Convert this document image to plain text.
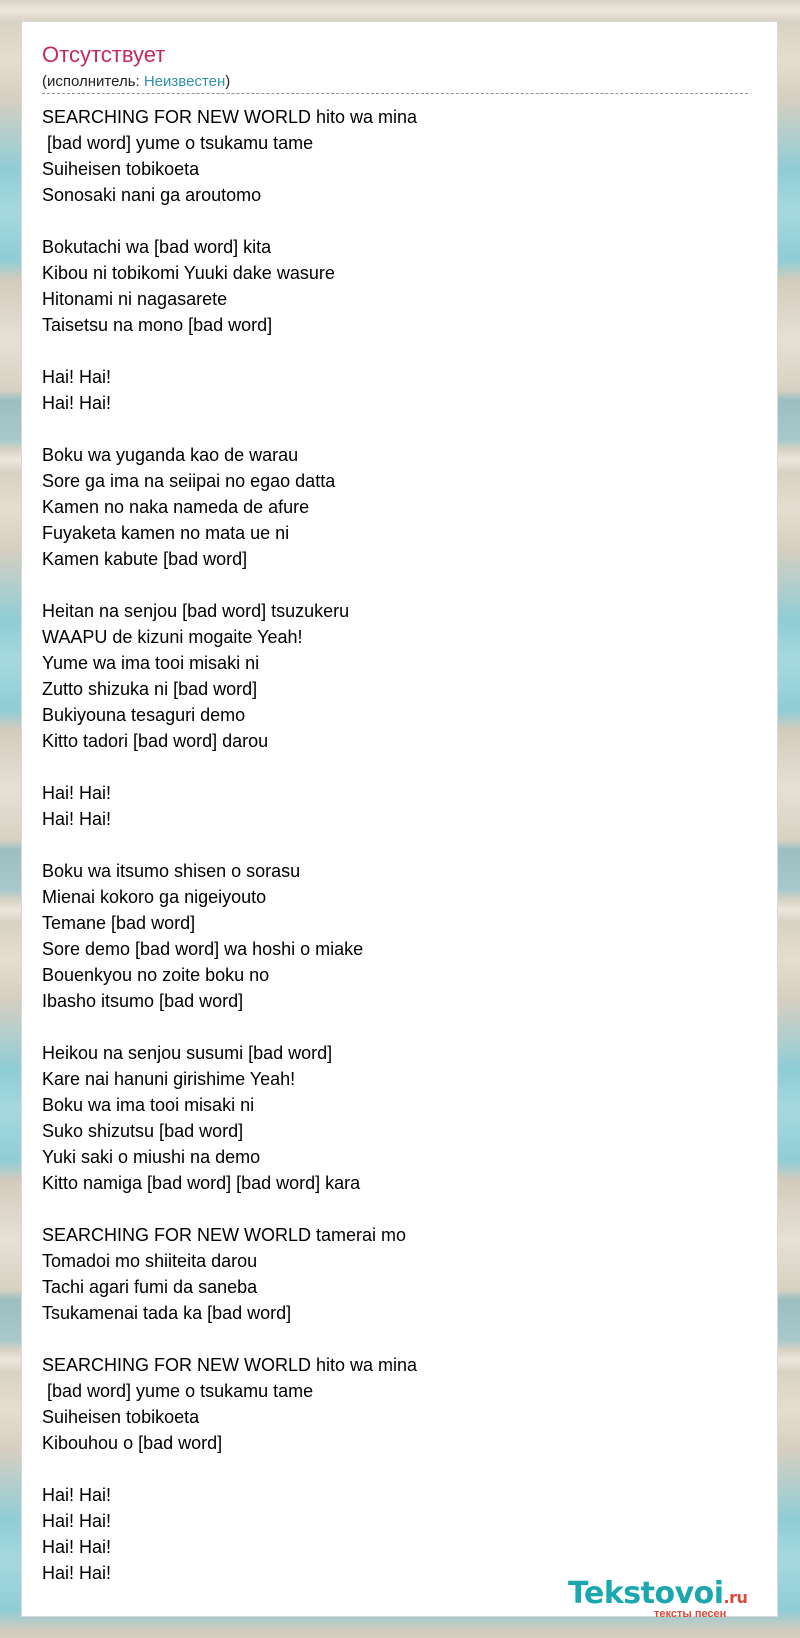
Отсутствует
(исполнитель: Неизвестен)
SEARCHING FOR NEW WORLD hito wa mina
[bad word] yume o tsukamu tame
Suiheisen tobikoeta
Sonosaki nani ga aroutomo
Bokutachi wa [bad word] kita
Kibou ni tobikomi Yuuki dake wasure
Hitonami ni nagasarete
Taisetsu na mono [bad word]
Hai! Hai!
Hai! Hai!
Boku wa yuganda kao de warau
Sore ga ima na seiipai no egao datta
Kamen no naka nameda de afure
Fuyaketa kamen no mata ue ni
Kamen kabute [bad word]
Heitan na senjou [bad word] tsuzukeru
WAAPU de kizuni mogaite Yeah!
Yume wa ima tooi misaki ni
Zutto shizuka ni [bad word]
Bukiyouna tesaguri demo
Kitto tadori [bad word] darou
Hai! Hai!
Hai! Hai!
Boku wa itsumo shisen o sorasu
Mienai kokoro ga nigeiyouto
Temane [bad word]
Sore demo [bad word] wa hoshi o miake
Bouenkyou no zoite boku no
Ibasho itsumo [bad word]
Heikou na senjou susumi [bad word]
Kare nai hanuni girishime Yeah!
Boku wa ima tooi misaki ni
Suko shizutsu [bad word]
Yuki saki o miushi na demo
Kitto namiga [bad word] [bad word] kara
SEARCHING FOR NEW WORLD tamerai mo
Tomadoi mo shiiteita darou
Tachi agari fumi da saneba
Tsukamenai tada ka [bad word]
SEARCHING FOR NEW WORLD hito wa mina
[bad word] yume o tsukamu tame
Suiheisen tobikoeta
Kibouhou o [bad word]
Hai! Hai!
Hai! Hai!
Hai! Hai!
Hai! Hai!
Tekstovoi.ru
тексты песен
